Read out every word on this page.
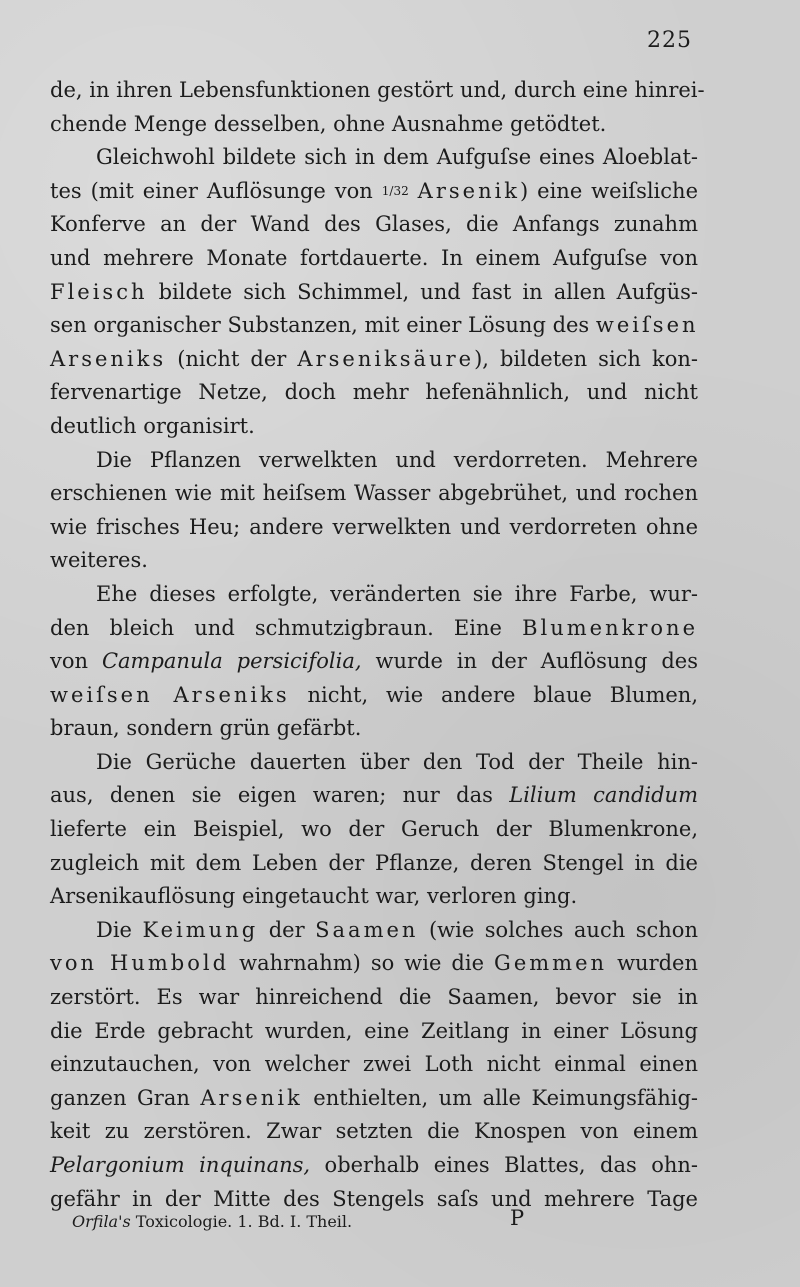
225
de, in ihren Lebensfunktionen gestört und, durch eine hinrei-
chende Menge desselben, ohne Ausnahme getödtet.
Gleichwohl bildete sich in dem Aufguſse eines Aloeblat-
tes (mit einer Auflösunge von 1/32 Arsenik) eine weiſsliche
Konferve an der Wand des Glases, die Anfangs zunahm
und mehrere Monate fortdauerte. In einem Aufguſse von
Fleisch bildete sich Schimmel, und fast in allen Aufgüs-
sen organischer Substanzen, mit einer Lösung des weiſsen
Arseniks (nicht der Arseniksäure), bildeten sich kon-
fervenartige Netze, doch mehr hefenähnlich, und nicht
deutlich organisirt.
Die Pflanzen verwelkten und verdorreten. Mehrere
erschienen wie mit heiſsem Wasser abgebrühet, und rochen
wie frisches Heu; andere verwelkten und verdorreten ohne
weiteres.
Ehe dieses erfolgte, veränderten sie ihre Farbe, wur-
den bleich und schmutzigbraun. Eine Blumenkrone
von Campanula persicifolia, wurde in der Auflösung des
weiſsen Arseniks nicht, wie andere blaue Blumen,
braun, sondern grün gefärbt.
Die Gerüche dauerten über den Tod der Theile hin-
aus, denen sie eigen waren; nur das Lilium candidum
lieferte ein Beispiel, wo der Geruch der Blumenkrone,
zugleich mit dem Leben der Pflanze, deren Stengel in die
Arsenikauflösung eingetaucht war, verloren ging.
Die Keimung der Saamen (wie solches auch schon
von Humbold wahrnahm) so wie die Gemmen wurden
zerstört. Es war hinreichend die Saamen, bevor sie in
die Erde gebracht wurden, eine Zeitlang in einer Lösung
einzutauchen, von welcher zwei Loth nicht einmal einen
ganzen Gran Arsenik enthielten, um alle Keimungsfähig-
keit zu zerstören. Zwar setzten die Knospen von einem
Pelargonium inquinans, oberhalb eines Blattes, das ohn-
gefähr in der Mitte des Stengels saſs und mehrere Tage
Orfila's Toxicologie. 1. Bd. I. Theil.	P
